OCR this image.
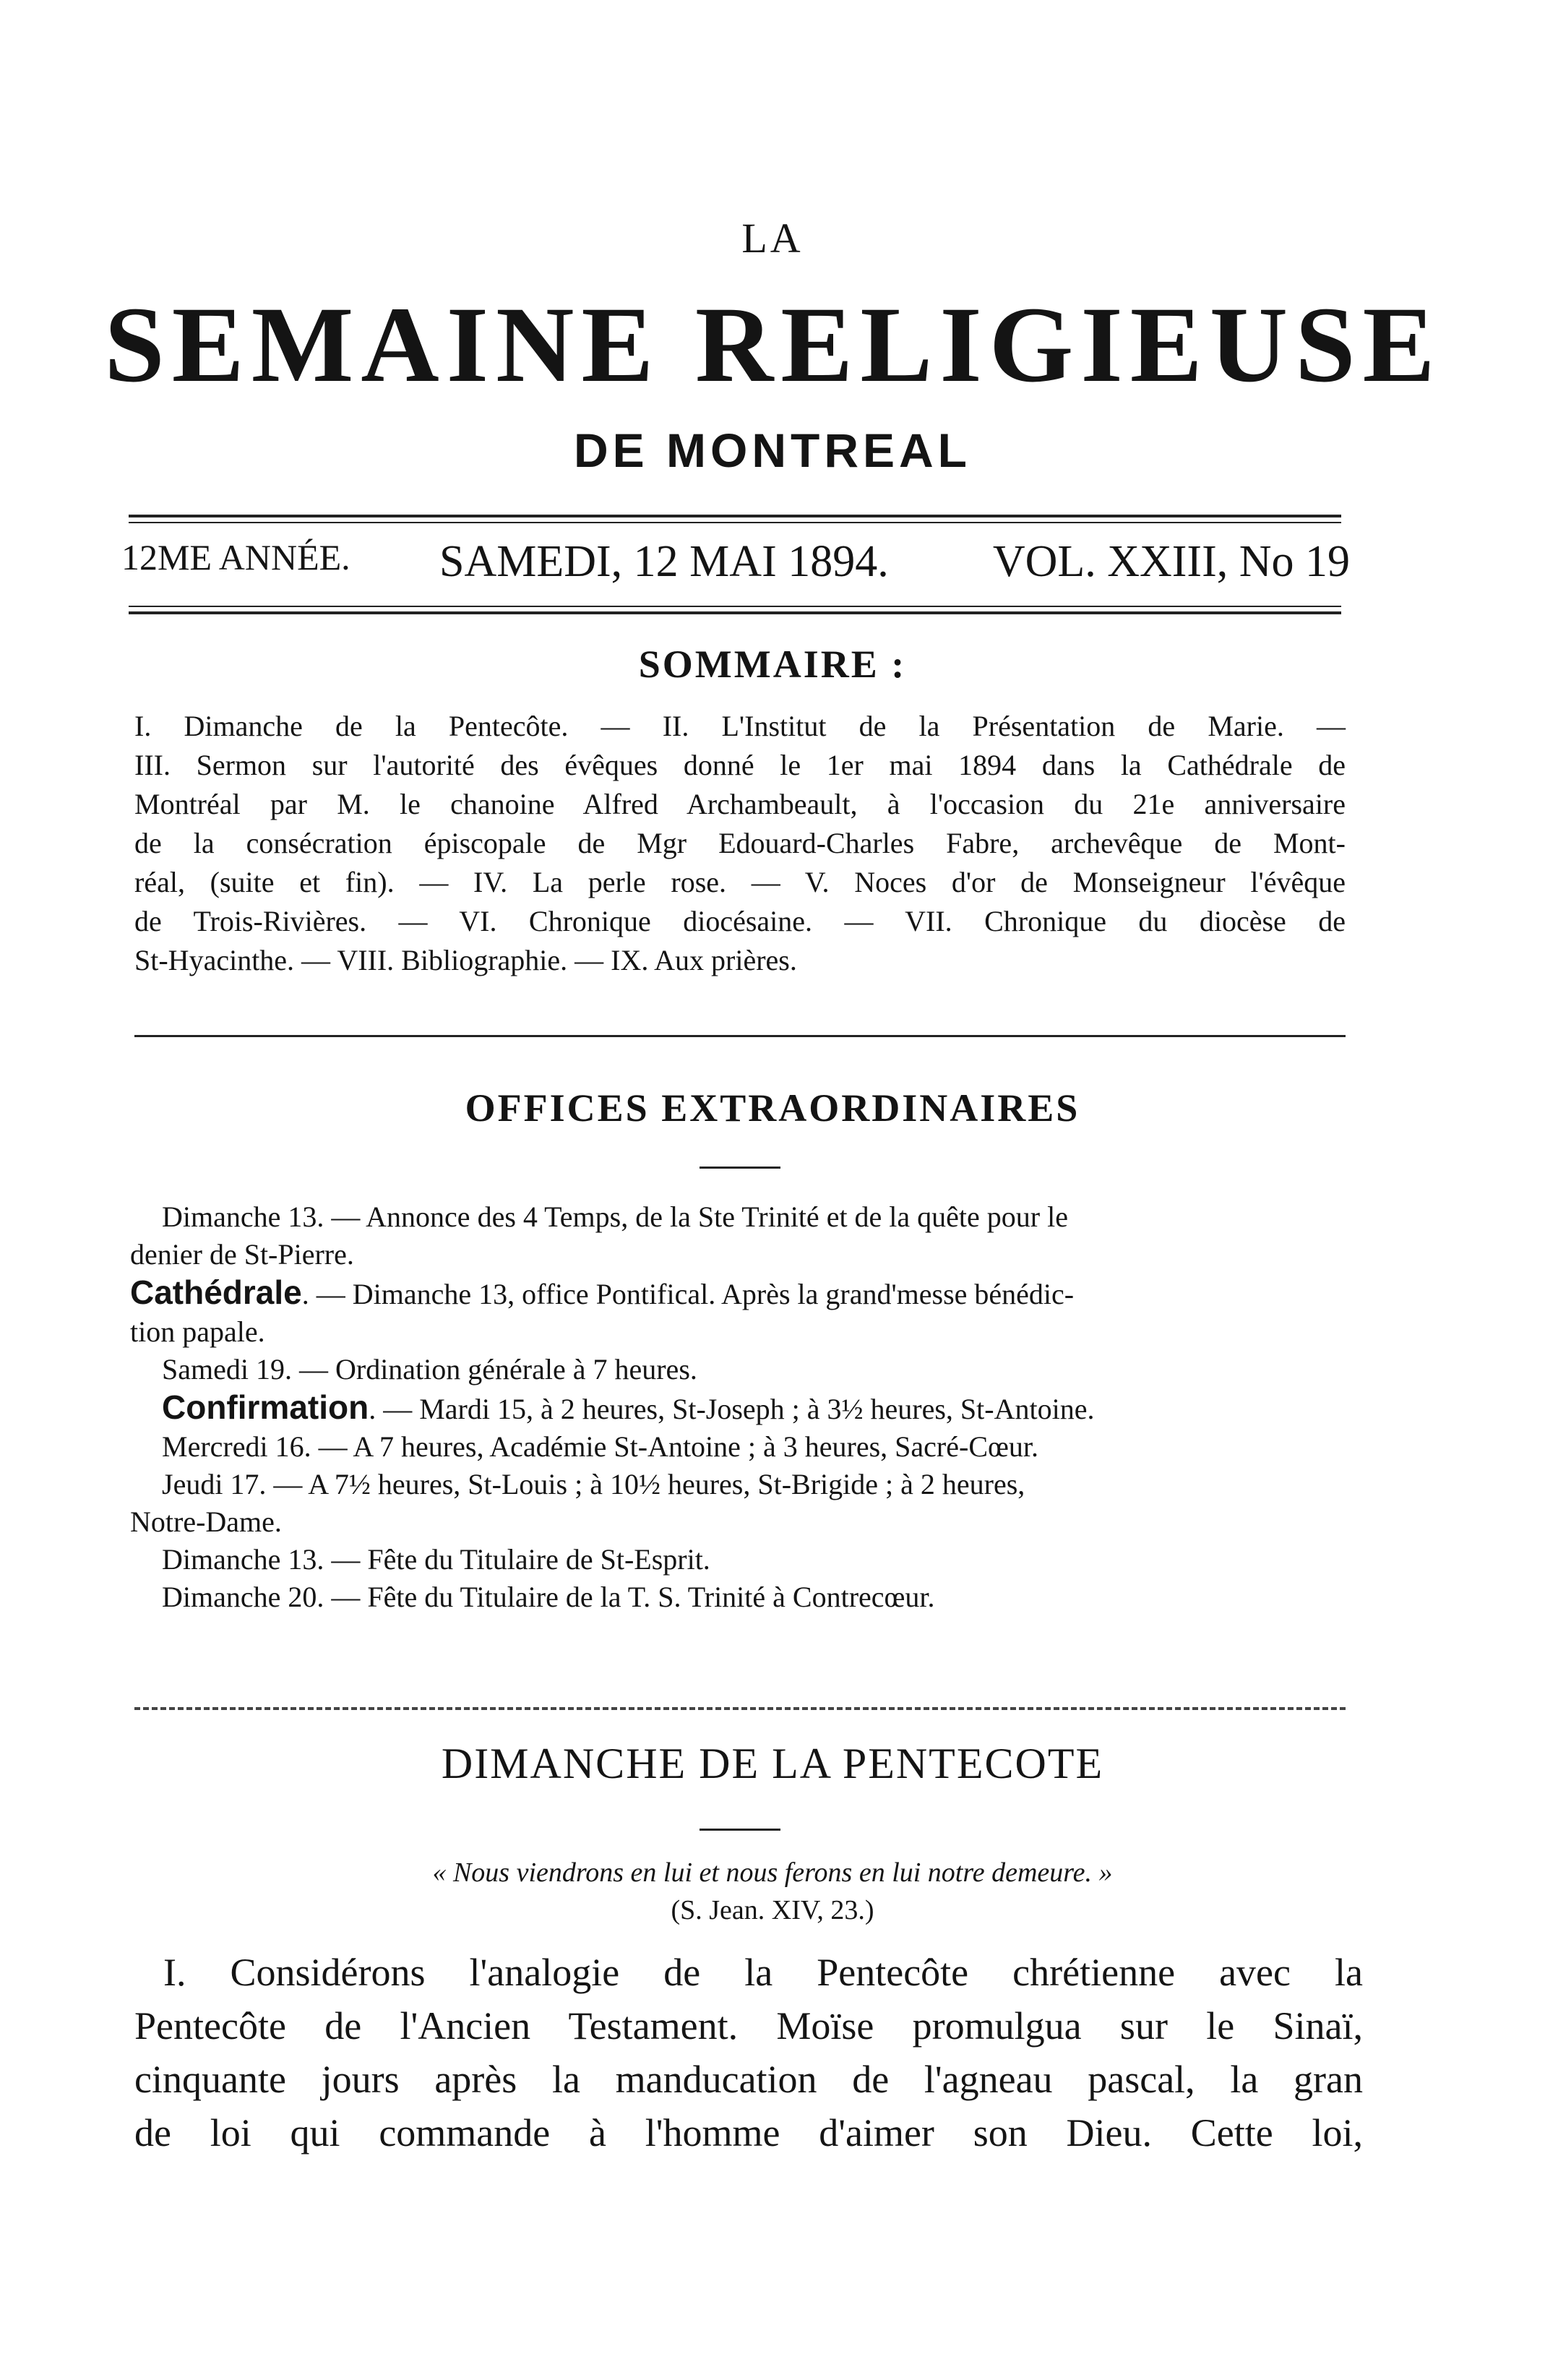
LA
SEMAINE RELIGIEUSE
DE MONTREAL
12ME ANNÉE. SAMEDI, 12 MAI 1894. VOL. XXIII, No 19
SOMMAIRE :
I. Dimanche de la Pentecôte. — II. L'Institut de la Présentation de Marie. —
III. Sermon sur l'autorité des évêques donné le 1er mai 1894 dans la Cathédrale de
Montréal par M. le chanoine Alfred Archambeault, à l'occasion du 21e anniversaire
de la consécration épiscopale de Mgr Edouard-Charles Fabre, archevêque de Mont-
réal, (suite et fin). — IV. La perle rose. — V. Noces d'or de Monseigneur l'évêque
de Trois-Rivières. — VI. Chronique diocésaine. — VII. Chronique du diocèse de
St-Hyacinthe. — VIII. Bibliographie. — IX. Aux prières.
OFFICES EXTRAORDINAIRES
Dimanche 13. — Annonce des 4 Temps, de la Ste Trinité et de la quête pour le
denier de St-Pierre.
Cathédrale. — Dimanche 13, office Pontifical. Après la grand'messe bénédic-
tion papale.
Samedi 19. — Ordination générale à 7 heures.
Confirmation. — Mardi 15, à 2 heures, St-Joseph ; à 3½ heures, St-Antoine.
Mercredi 16. — A 7 heures, Académie St-Antoine ; à 3 heures, Sacré-Cœur.
Jeudi 17. — A 7½ heures, St-Louis ; à 10½ heures, St-Brigide ; à 2 heures,
Notre-Dame.
Dimanche 13. — Fête du Titulaire de St-Esprit.
Dimanche 20. — Fête du Titulaire de la T. S. Trinité à Contrecœur.
DIMANCHE DE LA PENTECOTE
« Nous viendrons en lui et nous ferons en lui notre demeure. »
(S. Jean. XIV, 23.)
I. Considérons l'analogie de la Pentecôte chrétienne avec la
Pentecôte de l'Ancien Testament. Moïse promulgua sur le Sinaï,
cinquante jours après la manducation de l'agneau pascal, la gran
de loi qui commande à l'homme d'aimer son Dieu. Cette loi,
